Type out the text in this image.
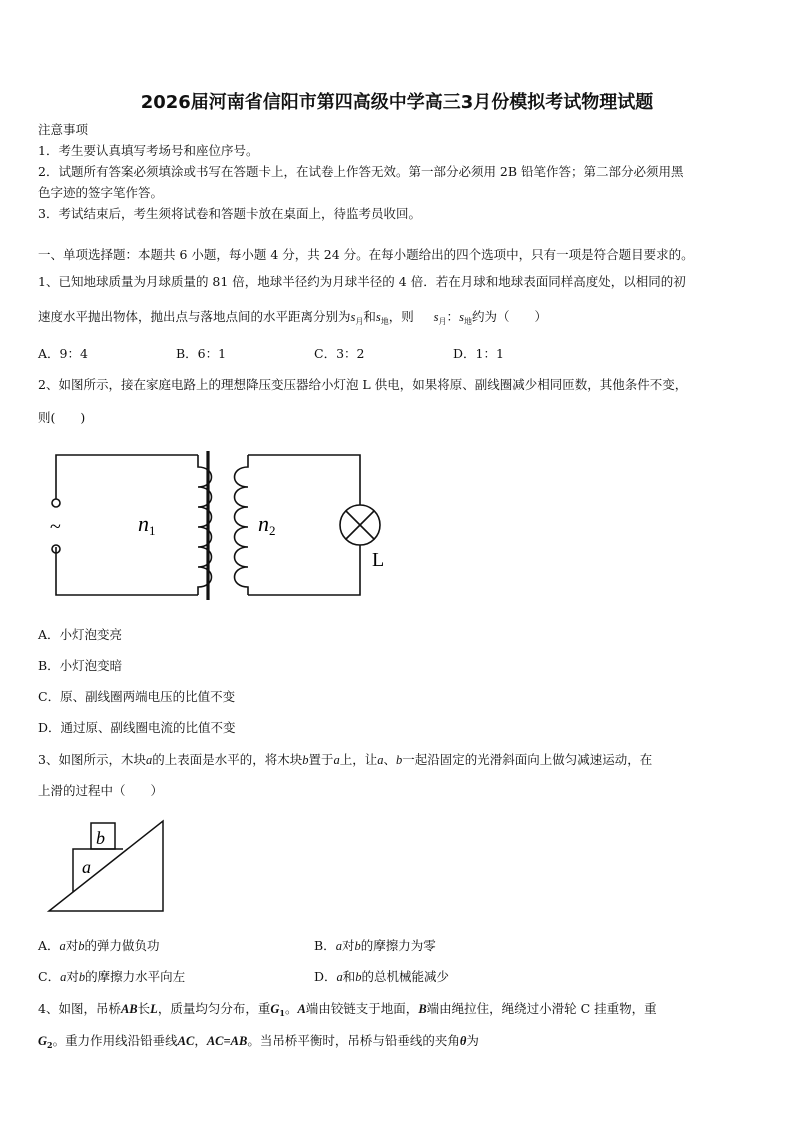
2026届河南省信阳市第四高级中学高三3月份模拟考试物理试题
注意事项
1．考生要认真填写考场号和座位序号。
2．试题所有答案必须填涂或书写在答题卡上，在试卷上作答无效。第一部分必须用 2B 铅笔作答；第二部分必须用黑
色字迹的签字笔作答。
3．考试结束后，考生须将试卷和答题卡放在桌面上，待监考员收回。
一、单项选择题：本题共 6 小题，每小题 4 分，共 24 分。在每小题给出的四个选项中，只有一项是符合题目要求的。
1、已知地球质量为月球质量的 81 倍，地球半径约为月球半径的 4 倍．若在月球和地球表面同样高度处，以相同的初
速度水平抛出物体，抛出点与落地点间的水平距离分别为$s_月$和$s_地$，则 $s_月$：$s_地$约为（　　）
A．9：4	B．6：1	C．3：2	D．1：1
2、如图所示，接在家庭电路上的理想降压变压器给小灯泡 L 供电，如果将原、副线圈减少相同匝数，其他条件不变，
则(　　)
~	n1	n2
L
A．小灯泡变亮
B．小灯泡变暗
C．原、副线圈两端电压的比值不变
D．通过原、副线圈电流的比值不变
3、如图所示，木块a的上表面是水平的，将木块b置于a上，让a、b一起沿固定的光滑斜面向上做匀减速运动，在
上滑的过程中（　　）
a
b
A．a对b的弹力做负功	B．a对b的摩擦力为零
C．a对b的摩擦力水平向左	D．a和b的总机械能减少
4、如图，吊桥AB长L，质量均匀分布，重$G_1$。A端由铰链支于地面，B端由绳拉住，绳绕过小滑轮 C 挂重物，重
$G_2$。重力作用线沿铅垂线AC，AC=AB。当吊桥平衡时，吊桥与铅垂线的夹角θ为
